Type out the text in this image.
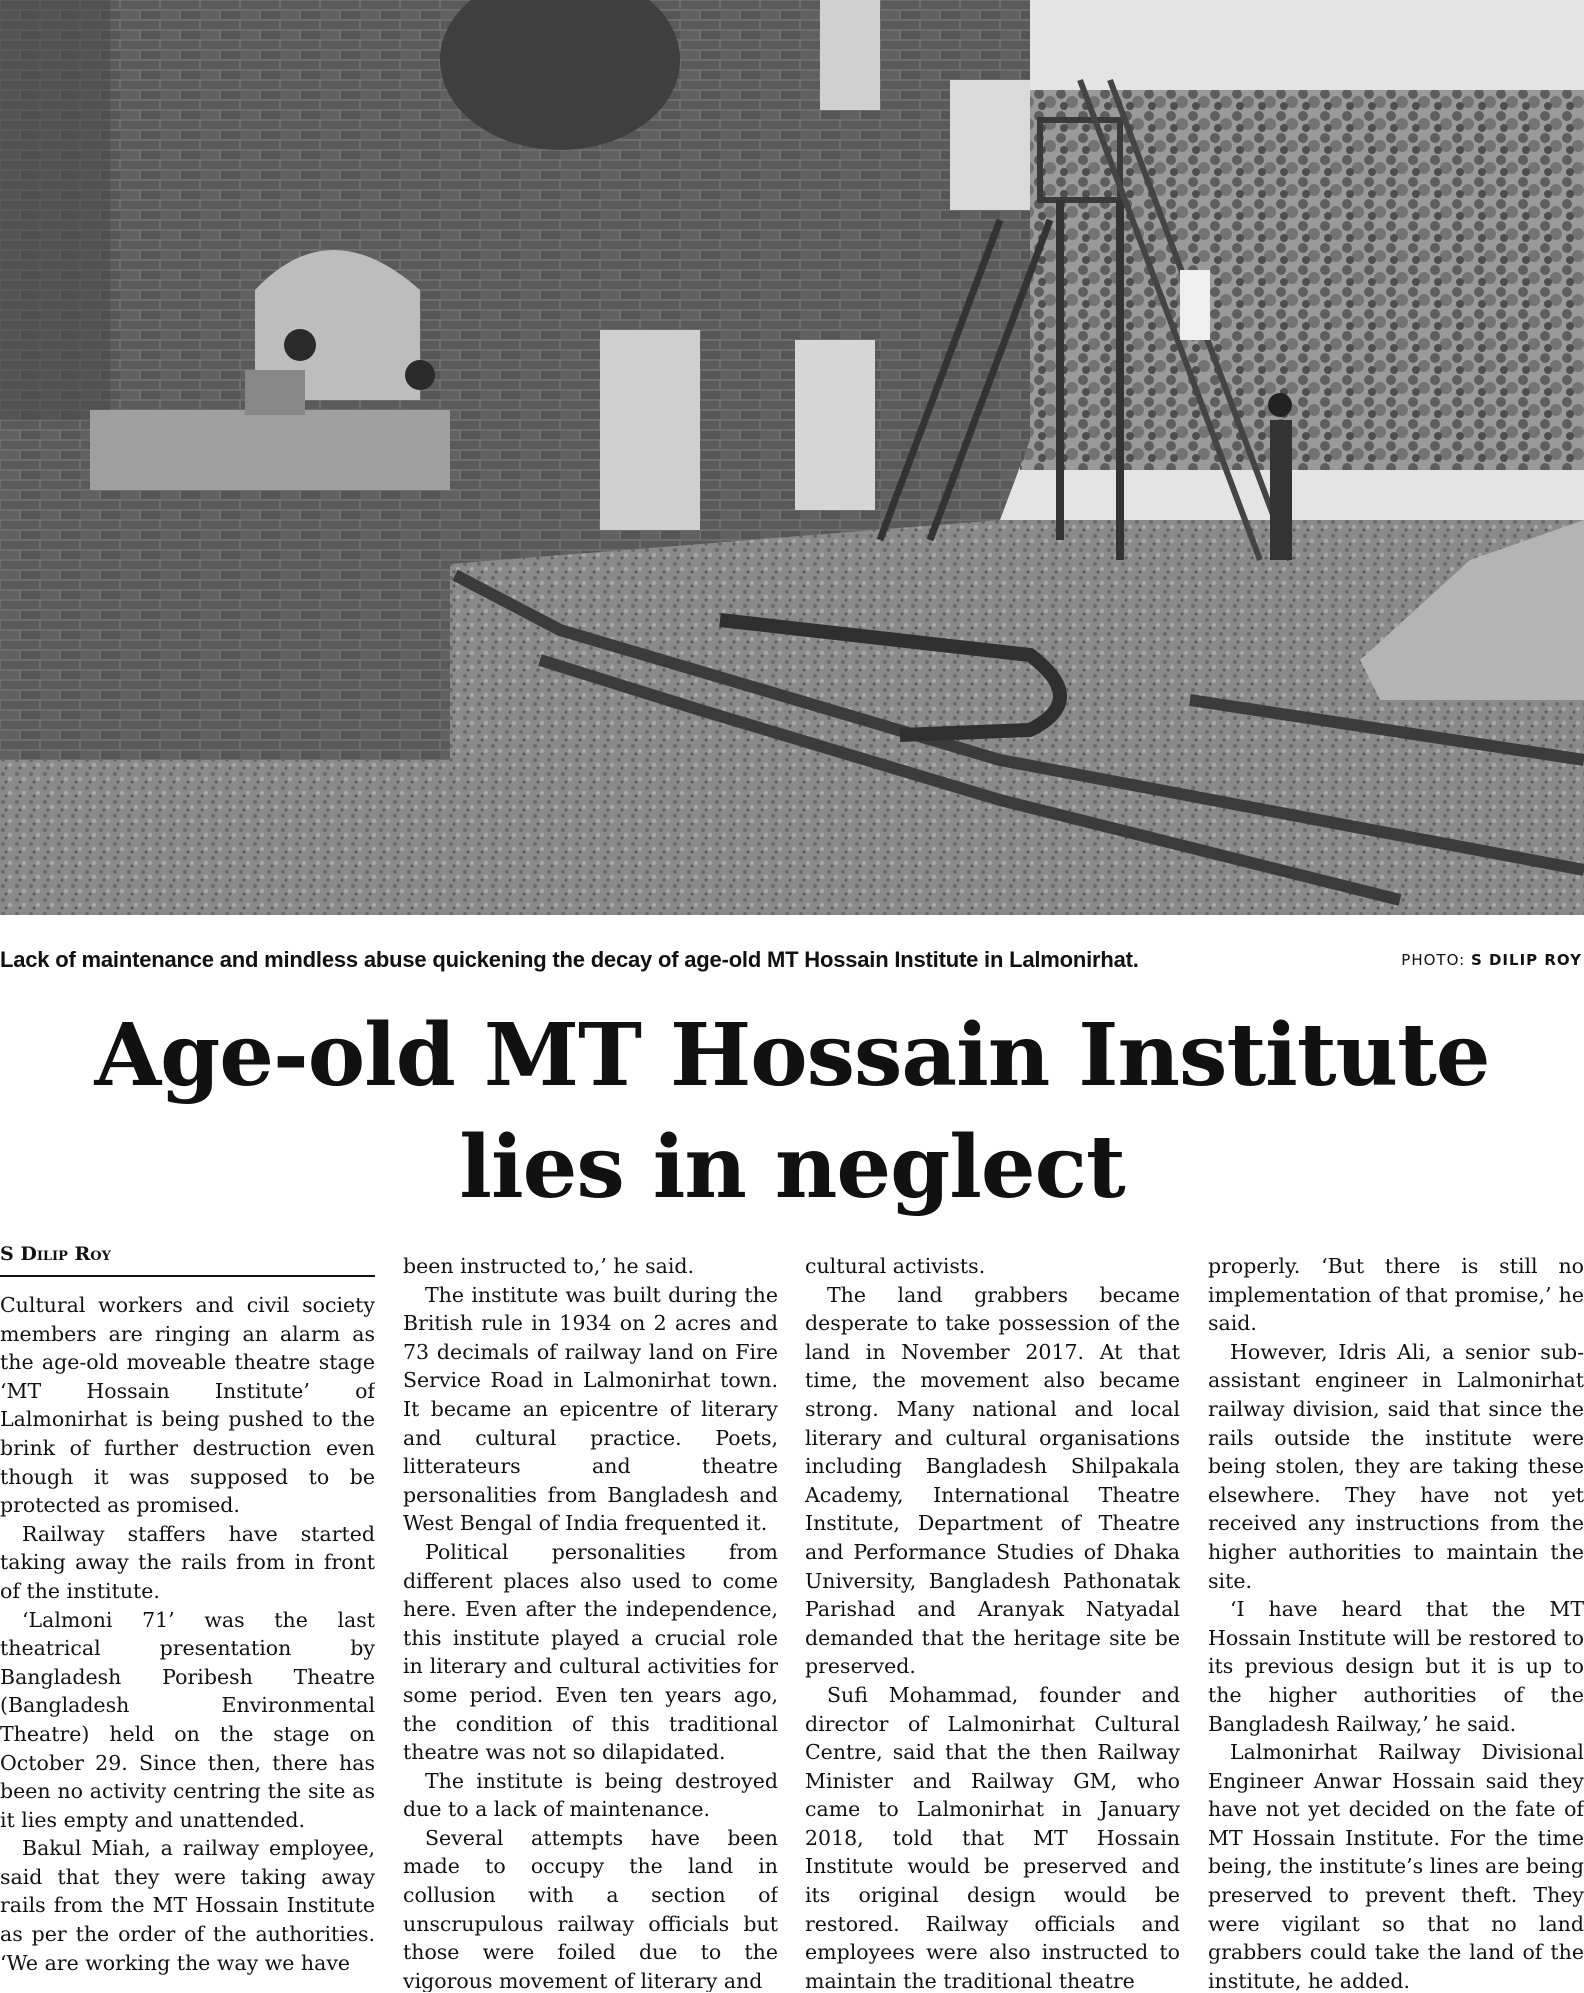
Lack of maintenance and mindless abuse quickening the decay of age-old MT Hossain Institute in Lalmonirhat.	PHOTO: S DILIP ROY
Age-old MT Hossain Institute
lies in neglect
S Dilip Roy

Cultural workers and civil society members are ringing an alarm as the age-old moveable theatre stage ‘MT Hossain Institute’ of Lalmonirhat is being pushed to the brink of further destruction even though it was supposed to be protected as promised.

Railway staffers have started taking away the rails from in front of the institute.

‘Lalmoni 71’ was the last theatrical presentation by Bangladesh Poribesh Theatre (Bangladesh Environmental Theatre) held on the stage on October 29. Since then, there has been no activity centring the site as it lies empty and unattended.

Bakul Miah, a railway employee, said that they were taking away rails from the MT Hossain Institute as per the order of the authorities. ‘We are working the way we have

been instructed to,’ he said.

The institute was built during the British rule in 1934 on 2 acres and 73 decimals of railway land on Fire Service Road in Lalmonirhat town. It became an epicentre of literary and cultural practice. Poets, litterateurs and theatre personalities from Bangladesh and West Bengal of India frequented it.

Political personalities from different places also used to come here. Even after the independence, this institute played a crucial role in literary and cultural activities for some period. Even ten years ago, the condition of this traditional theatre was not so dilapidated.

The institute is being destroyed due to a lack of maintenance.

Several attempts have been made to occupy the land in collusion with a section of unscrupulous railway officials but those were foiled due to the vigorous movement of literary and

cultural activists.

The land grabbers became desperate to take possession of the land in November 2017. At that time, the movement also became strong. Many national and local literary and cultural organisations including Bangladesh Shilpakala Academy, International Theatre Institute, Department of Theatre and Performance Studies of Dhaka University, Bangladesh Pathonatak Parishad and Aranyak Natyadal demanded that the heritage site be preserved.

Sufi Mohammad, founder and director of Lalmonirhat Cultural Centre, said that the then Railway Minister and Railway GM, who came to Lalmonirhat in January 2018, told that MT Hossain Institute would be preserved and its original design would be restored. Railway officials and employees were also instructed to maintain the traditional theatre

properly. ‘But there is still no implementation of that promise,’ he said.

However, Idris Ali, a senior sub-assistant engineer in Lalmonirhat railway division, said that since the rails outside the institute were being stolen, they are taking these elsewhere. They have not yet received any instructions from the higher authorities to maintain the site.

‘I have heard that the MT Hossain Institute will be restored to its previous design but it is up to the higher authorities of the Bangladesh Railway,’ he said.

Lalmonirhat Railway Divisional Engineer Anwar Hossain said they have not yet decided on the fate of MT Hossain Institute. For the time being, the institute’s lines are being preserved to prevent theft. They were vigilant so that no land grabbers could take the land of the institute, he added.
